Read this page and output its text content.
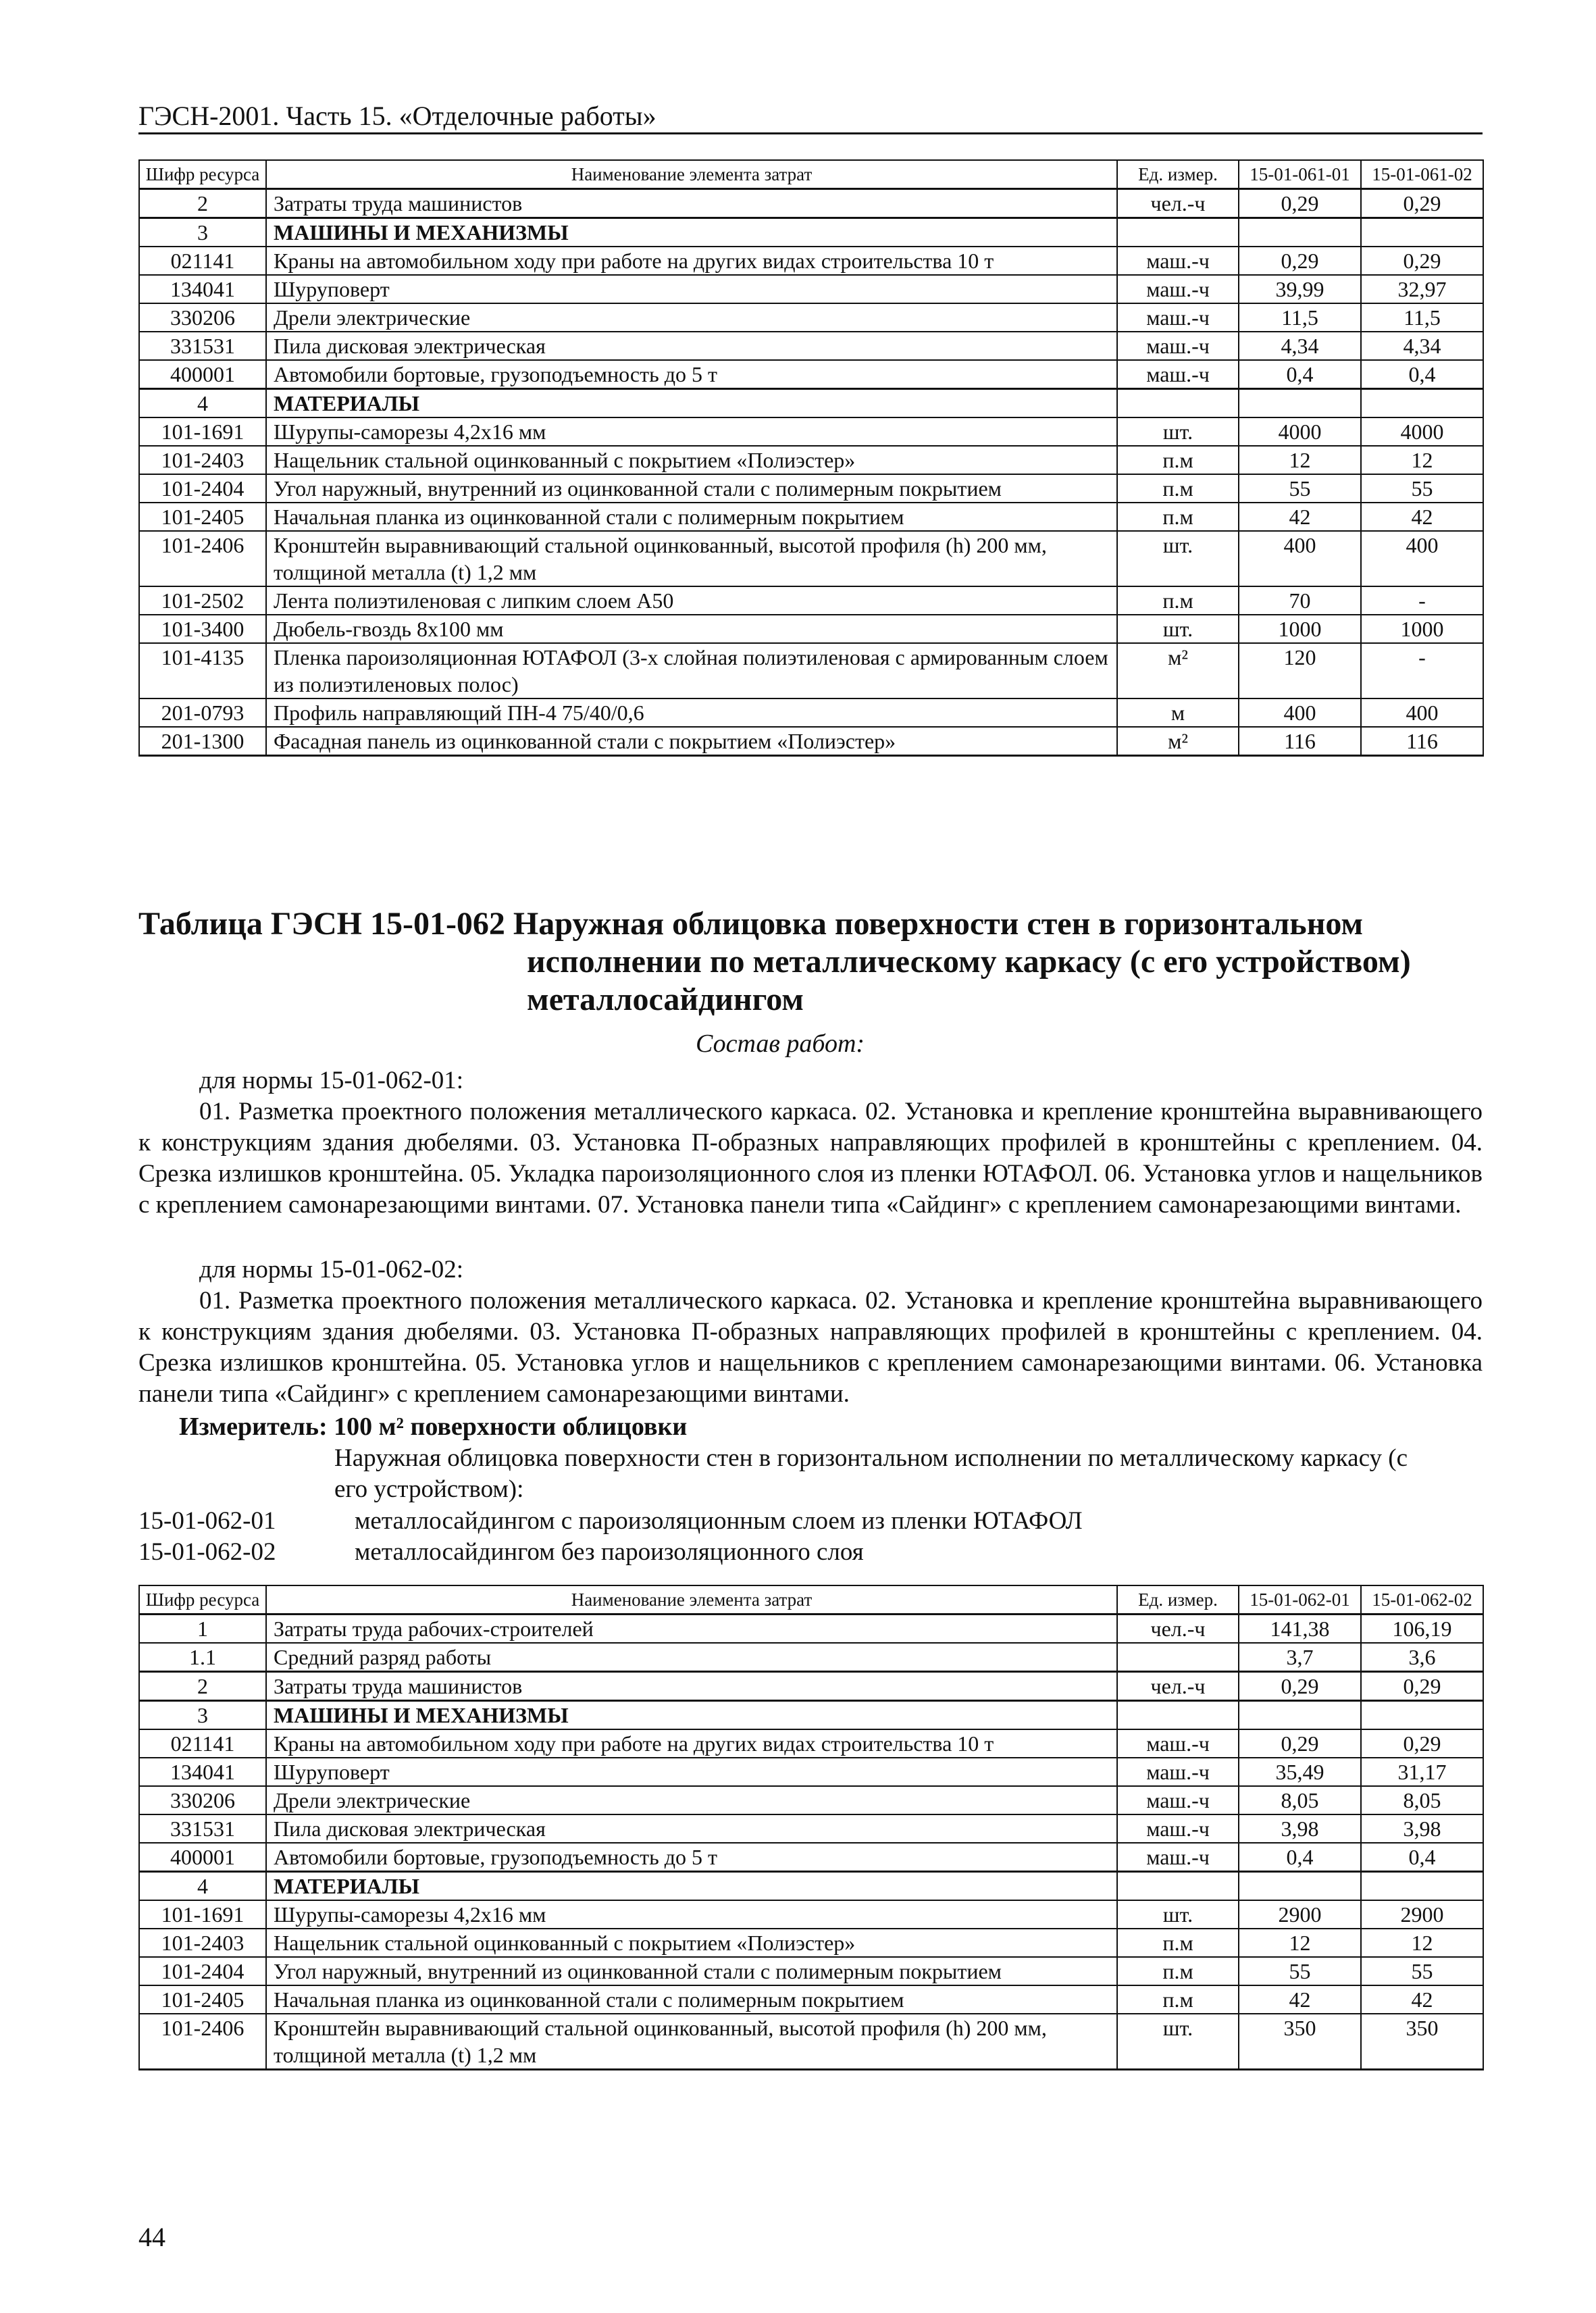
ГЭСН-2001. Часть 15. «Отделочные работы»
Шифр ресурса	Наименование элемента затрат	Ед. измер.	15-01-061-01	15-01-061-02
2	Затраты труда машинистов	чел.-ч	0,29	0,29
3	МАШИНЫ И МЕХАНИЗМЫ			
021141	Краны на автомобильном ходу при работе на других видах строительства 10 т	маш.-ч	0,29	0,29
134041	Шуруповерт	маш.-ч	39,99	32,97
330206	Дрели электрические	маш.-ч	11,5	11,5
331531	Пила дисковая электрическая	маш.-ч	4,34	4,34
400001	Автомобили бортовые, грузоподъемность до 5 т	маш.-ч	0,4	0,4
4	МАТЕРИАЛЫ			
101-1691	Шурупы-саморезы 4,2х16 мм	шт.	4000	4000
101-2403	Нащельник стальной оцинкованный с покрытием «Полиэстер»	п.м	12	12
101-2404	Угол наружный, внутренний из оцинкованной стали с полимерным покрытием	п.м	55	55
101-2405	Начальная планка из оцинкованной стали с полимерным покрытием	п.м	42	42
101-2406	Кронштейн выравнивающий стальной оцинкованный, высотой профиля (h) 200 мм, толщиной металла (t) 1,2 мм	шт.	400	400
101-2502	Лента полиэтиленовая с липким слоем А50	п.м	70	-
101-3400	Дюбель-гвоздь 8х100 мм	шт.	1000	1000
101-4135	Пленка пароизоляционная ЮТАФОЛ (3-х слойная полиэтиленовая с армированным слоем из полиэтиленовых полос)	м²	120	-
201-0793	Профиль направляющий ПН-4 75/40/0,6	м	400	400
201-1300	Фасадная панель из оцинкованной стали с покрытием «Полиэстер»	м²	116	116
Таблица ГЭСН 15-01-062 Наружная облицовка поверхности стен в горизонтальном
исполнении по металлическому каркасу (с его устройством)
металлосайдингом
Состав работ:
для нормы 15-01-062-01:
01. Разметка проектного положения металлического каркаса. 02. Установка и крепление кронштейна выравнивающего к конструкциям здания дюбелями. 03. Установка П-образных направляющих профилей в кронштейны с креплением. 04. Срезка излишков кронштейна. 05. Укладка пароизоляционного слоя из пленки ЮТАФОЛ. 06. Установка углов и нащельников с креплением самонарезающими винтами. 07. Установка панели типа «Сайдинг» с креплением самонарезающими винтами.
для нормы 15-01-062-02:
01. Разметка проектного положения металлического каркаса. 02. Установка и крепление кронштейна выравнивающего к конструкциям здания дюбелями. 03. Установка П-образных направляющих профилей в кронштейны с креплением. 04. Срезка излишков кронштейна. 05. Установка углов и нащельников с креплением самонарезающими винтами. 06. Установка панели типа «Сайдинг» с креплением самонарезающими винтами.
Измеритель: 100 м² поверхности облицовки
Наружная облицовка поверхности стен в горизонтальном исполнении по металлическому каркасу (с его устройством):
15-01-062-01	металлосайдингом с пароизоляционным слоем из пленки ЮТАФОЛ
15-01-062-02	металлосайдингом без пароизоляционного слоя
Шифр ресурса	Наименование элемента затрат	Ед. измер.	15-01-062-01	15-01-062-02
1	Затраты труда рабочих-строителей	чел.-ч	141,38	106,19
1.1	Средний разряд работы		3,7	3,6
2	Затраты труда машинистов	чел.-ч	0,29	0,29
3	МАШИНЫ И МЕХАНИЗМЫ			
021141	Краны на автомобильном ходу при работе на других видах строительства 10 т	маш.-ч	0,29	0,29
134041	Шуруповерт	маш.-ч	35,49	31,17
330206	Дрели электрические	маш.-ч	8,05	8,05
331531	Пила дисковая электрическая	маш.-ч	3,98	3,98
400001	Автомобили бортовые, грузоподъемность до 5 т	маш.-ч	0,4	0,4
4	МАТЕРИАЛЫ			
101-1691	Шурупы-саморезы 4,2х16 мм	шт.	2900	2900
101-2403	Нащельник стальной оцинкованный с покрытием «Полиэстер»	п.м	12	12
101-2404	Угол наружный, внутренний из оцинкованной стали с полимерным покрытием	п.м	55	55
101-2405	Начальная планка из оцинкованной стали с полимерным покрытием	п.м	42	42
101-2406	Кронштейн выравнивающий стальной оцинкованный, высотой профиля (h) 200 мм, толщиной металла (t) 1,2 мм	шт.	350	350
44
